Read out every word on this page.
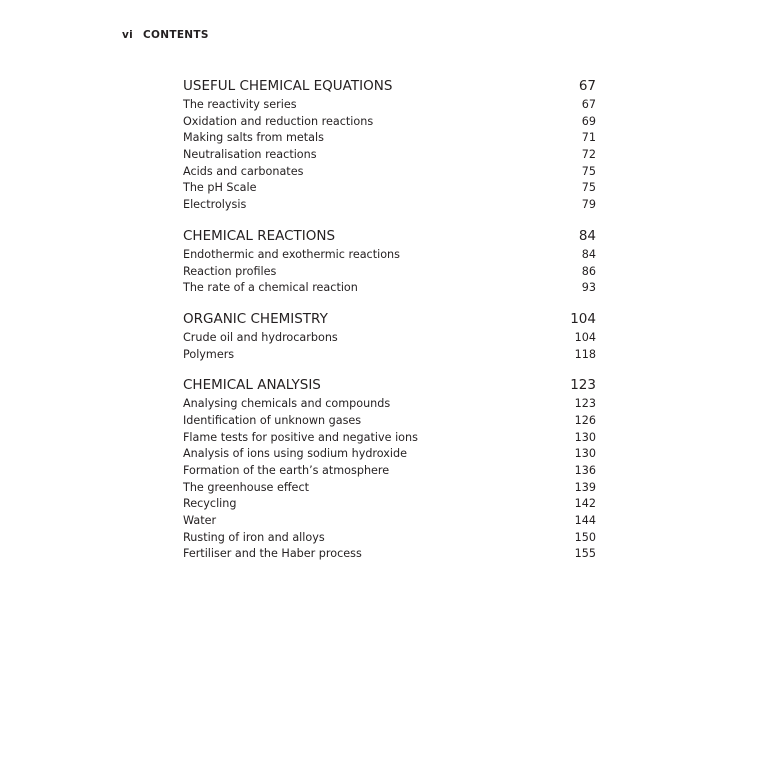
vi CONTENTS
USEFUL CHEMICAL EQUATIONS	67
The reactivity series	67
Oxidation and reduction reactions	69
Making salts from metals	71
Neutralisation reactions	72
Acids and carbonates	75
The pH Scale	75
Electrolysis	79
CHEMICAL REACTIONS	84
Endothermic and exothermic reactions	84
Reaction profiles	86
The rate of a chemical reaction	93
ORGANIC CHEMISTRY	104
Crude oil and hydrocarbons	104
Polymers	118
CHEMICAL ANALYSIS	123
Analysing chemicals and compounds	123
Identification of unknown gases	126
Flame tests for positive and negative ions	130
Analysis of ions using sodium hydroxide	130
Formation of the earth’s atmosphere	136
The greenhouse effect	139
Recycling	142
Water	144
Rusting of iron and alloys	150
Fertiliser and the Haber process	155
